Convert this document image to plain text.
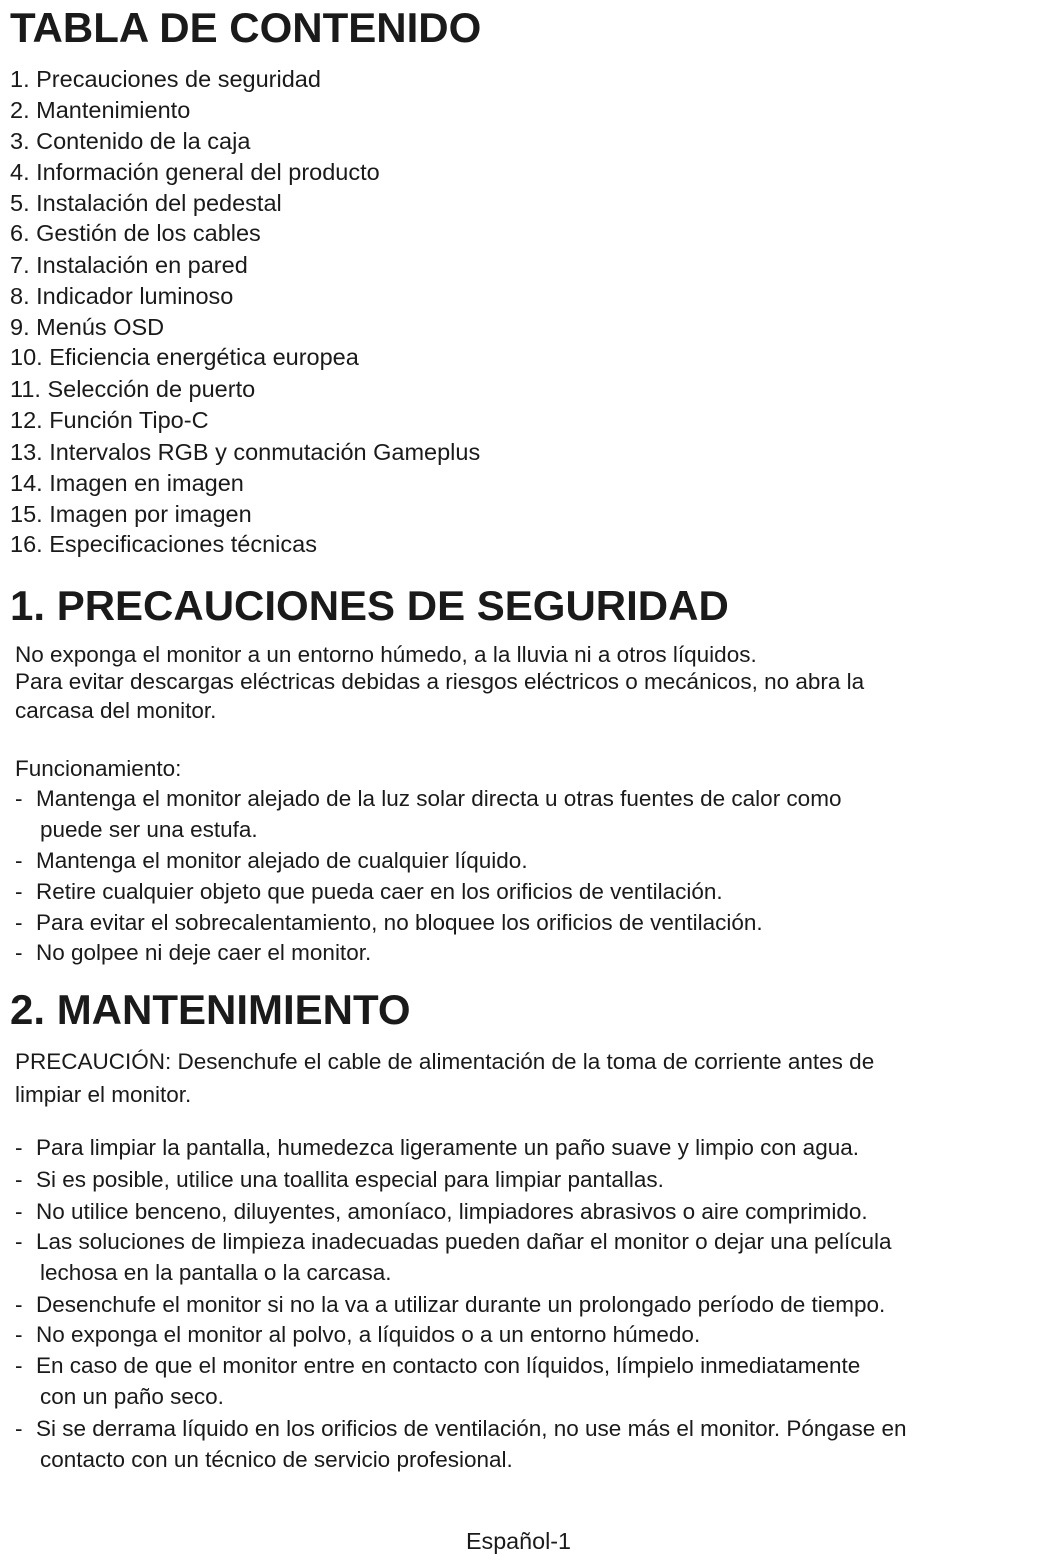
TABLA DE CONTENIDO
1. Precauciones de seguridad
2. Mantenimiento
3. Contenido de la caja
4. Información general del producto
5. Instalación del pedestal
6. Gestión de los cables
7. Instalación en pared
8. Indicador luminoso
9. Menús OSD
10. Eficiencia energética europea
11. Selección de puerto
12. Función Tipo-C
13. Intervalos RGB y conmutación Gameplus
14. Imagen en imagen
15. Imagen por imagen
16. Especificaciones técnicas
1. PRECAUCIONES DE SEGURIDAD
No exponga el monitor a un entorno húmedo, a la lluvia ni a otros líquidos.
Para evitar descargas eléctricas debidas a riesgos eléctricos o mecánicos, no abra la
carcasa del monitor.
Funcionamiento:
- Mantenga el monitor alejado de la luz solar directa u otras fuentes de calor como
puede ser una estufa.
- Mantenga el monitor alejado de cualquier líquido.
- Retire cualquier objeto que pueda caer en los orificios de ventilación.
- Para evitar el sobrecalentamiento, no bloquee los orificios de ventilación.
- No golpee ni deje caer el monitor.
2. MANTENIMIENTO
PRECAUCIÓN: Desenchufe el cable de alimentación de la toma de corriente antes de
limpiar el monitor.
- Para limpiar la pantalla, humedezca ligeramente un paño suave y limpio con agua.
- Si es posible, utilice una toallita especial para limpiar pantallas.
- No utilice benceno, diluyentes, amoníaco, limpiadores abrasivos o aire comprimido.
- Las soluciones de limpieza inadecuadas pueden dañar el monitor o dejar una película
lechosa en la pantalla o la carcasa.
- Desenchufe el monitor si no la va a utilizar durante un prolongado período de tiempo.
- No exponga el monitor al polvo, a líquidos o a un entorno húmedo.
- En caso de que el monitor entre en contacto con líquidos, límpielo inmediatamente
con un paño seco.
- Si se derrama líquido en los orificios de ventilación, no use más el monitor. Póngase en
contacto con un técnico de servicio profesional.
Español-1
